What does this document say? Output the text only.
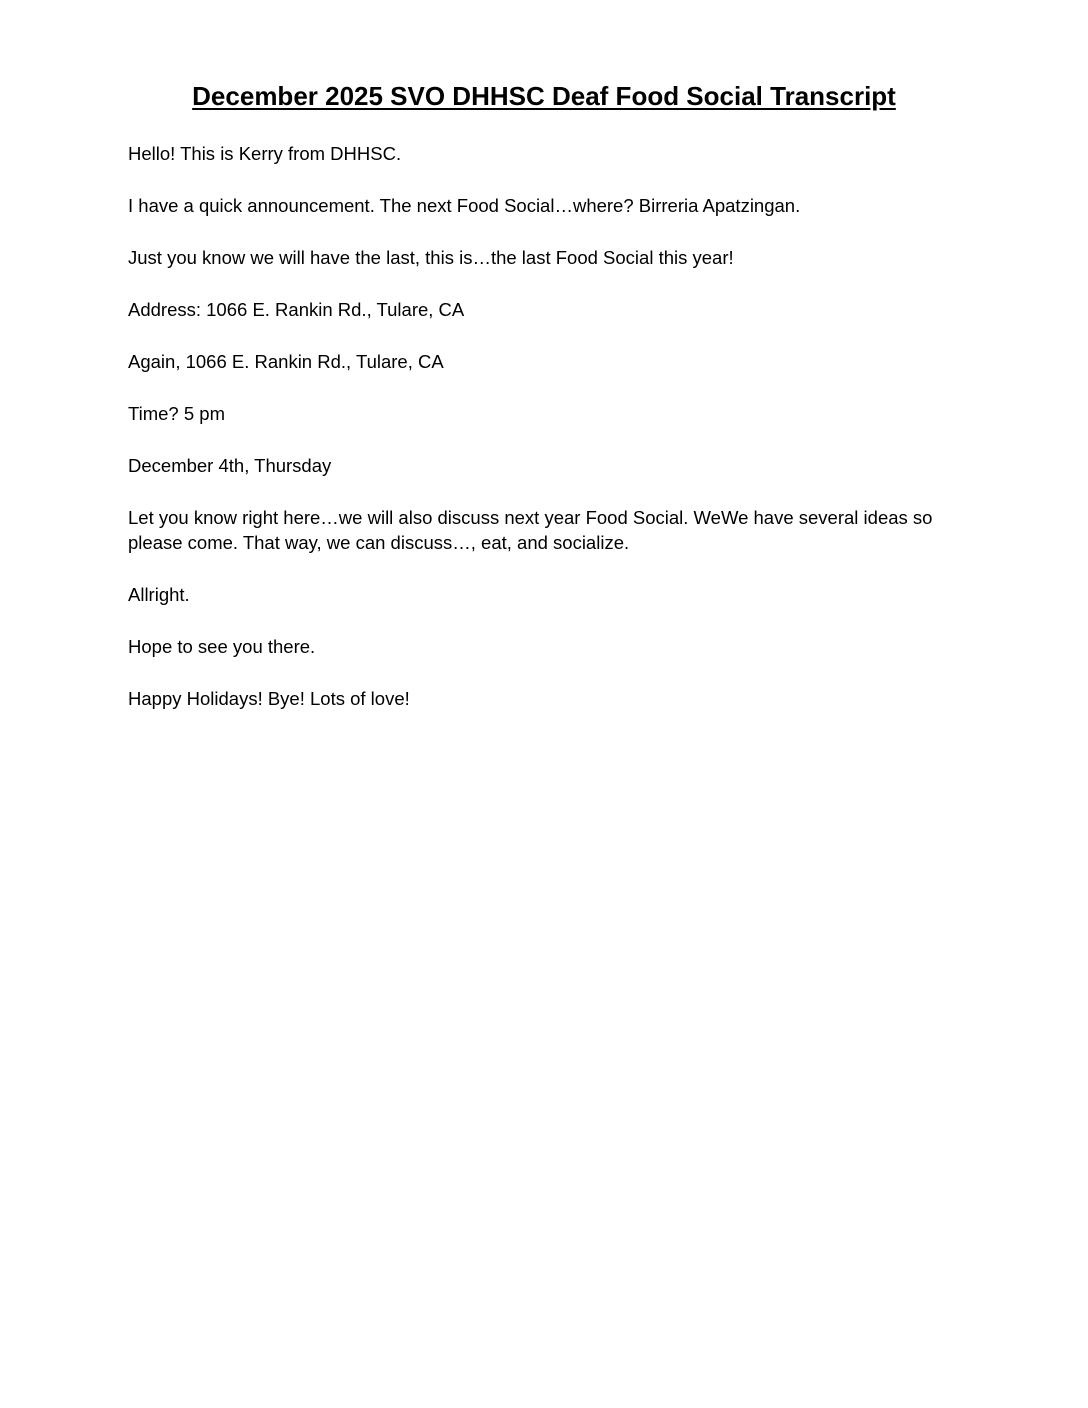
December 2025 SVO DHHSC Deaf Food Social Transcript

Hello! This is Kerry from DHHSC.

I have a quick announcement. The next Food Social…where? Birreria Apatzingan.

Just you know we will have the last, this is…the last Food Social this year!

Address: 1066 E. Rankin Rd., Tulare, CA

Again, 1066 E. Rankin Rd., Tulare, CA

Time? 5 pm

December 4th, Thursday

Let you know right here…we will also discuss next year Food Social. WeWe have several ideas so please come. That way, we can discuss…, eat, and socialize.

Allright.

Hope to see you there.

Happy Holidays! Bye! Lots of love!
